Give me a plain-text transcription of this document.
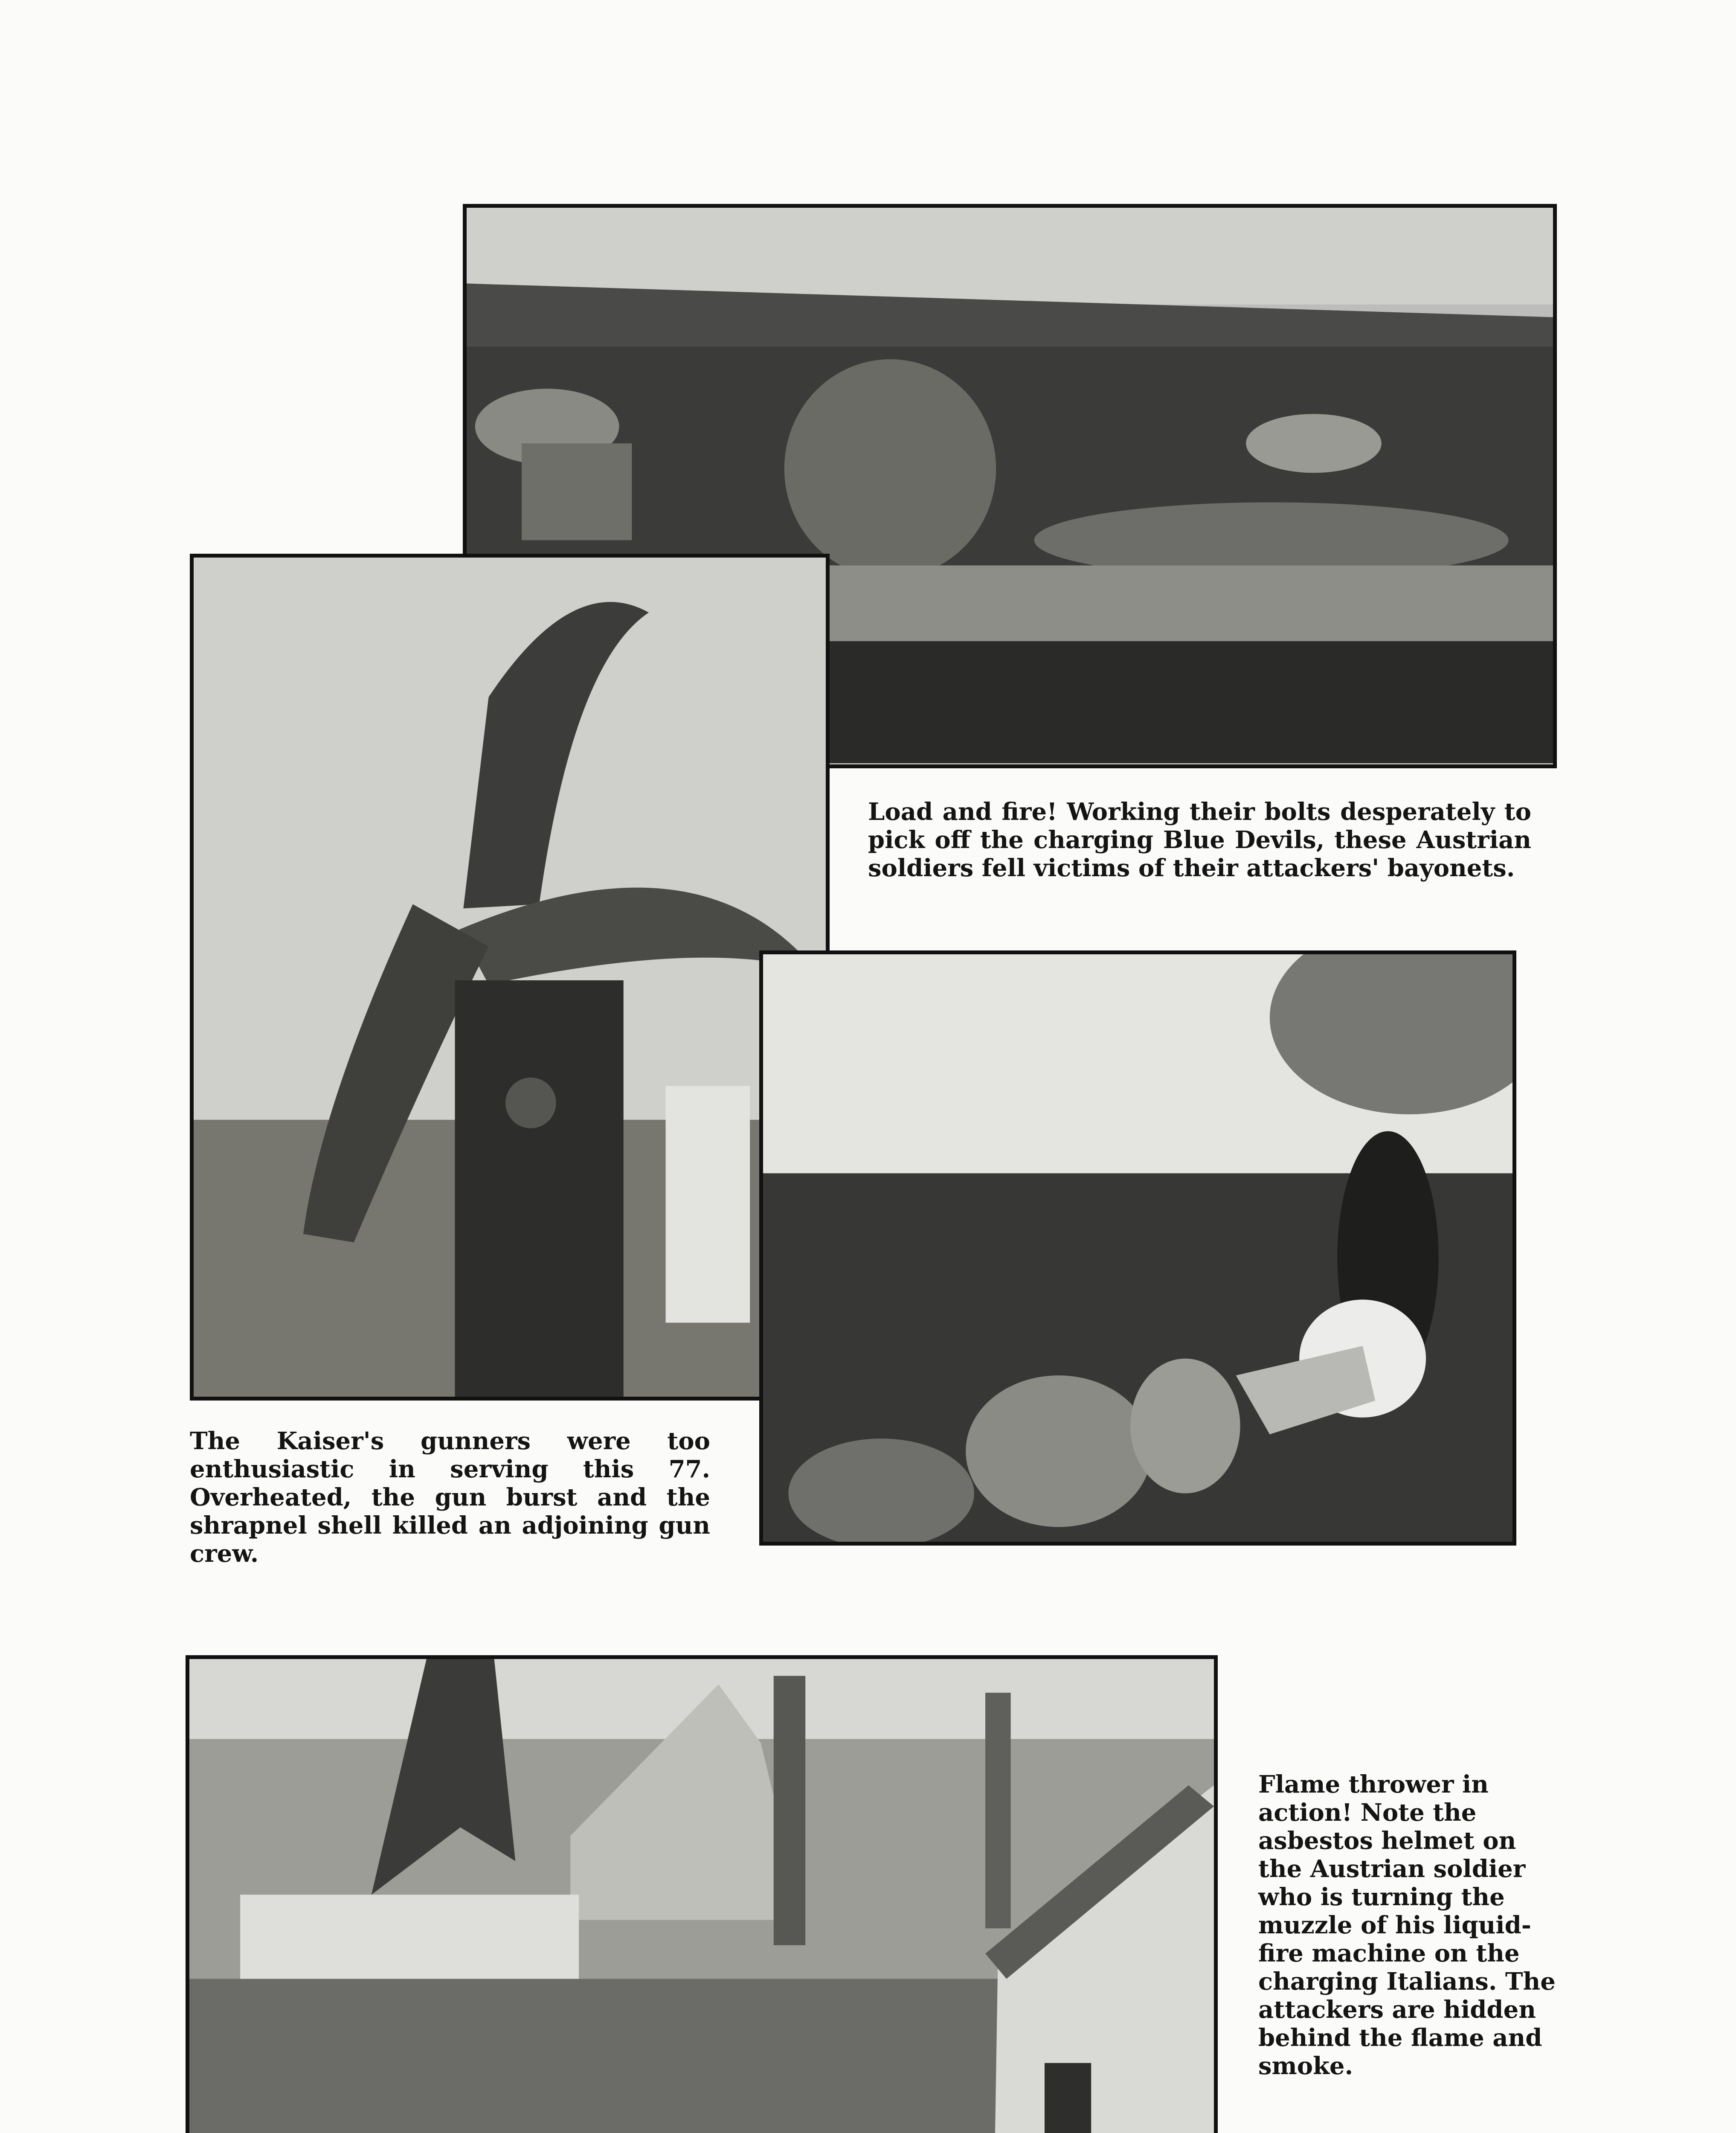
The Kaiser's gunners were too enthusiastic in serving this 77. Overheated, the gun burst and the shrapnel shell killed an adjoining gun crew.
Load and fire! Working their bolts desperately to pick off the charging Blue Devils, these Austrian soldiers fell victims of their attackers' bayonets.
Flame thrower in action! Note the asbestos helmet on the Austrian soldier who is turning the muzzle of his liquid-fire machine on the charging Italians. The attackers are hidden behind the flame and smoke.
